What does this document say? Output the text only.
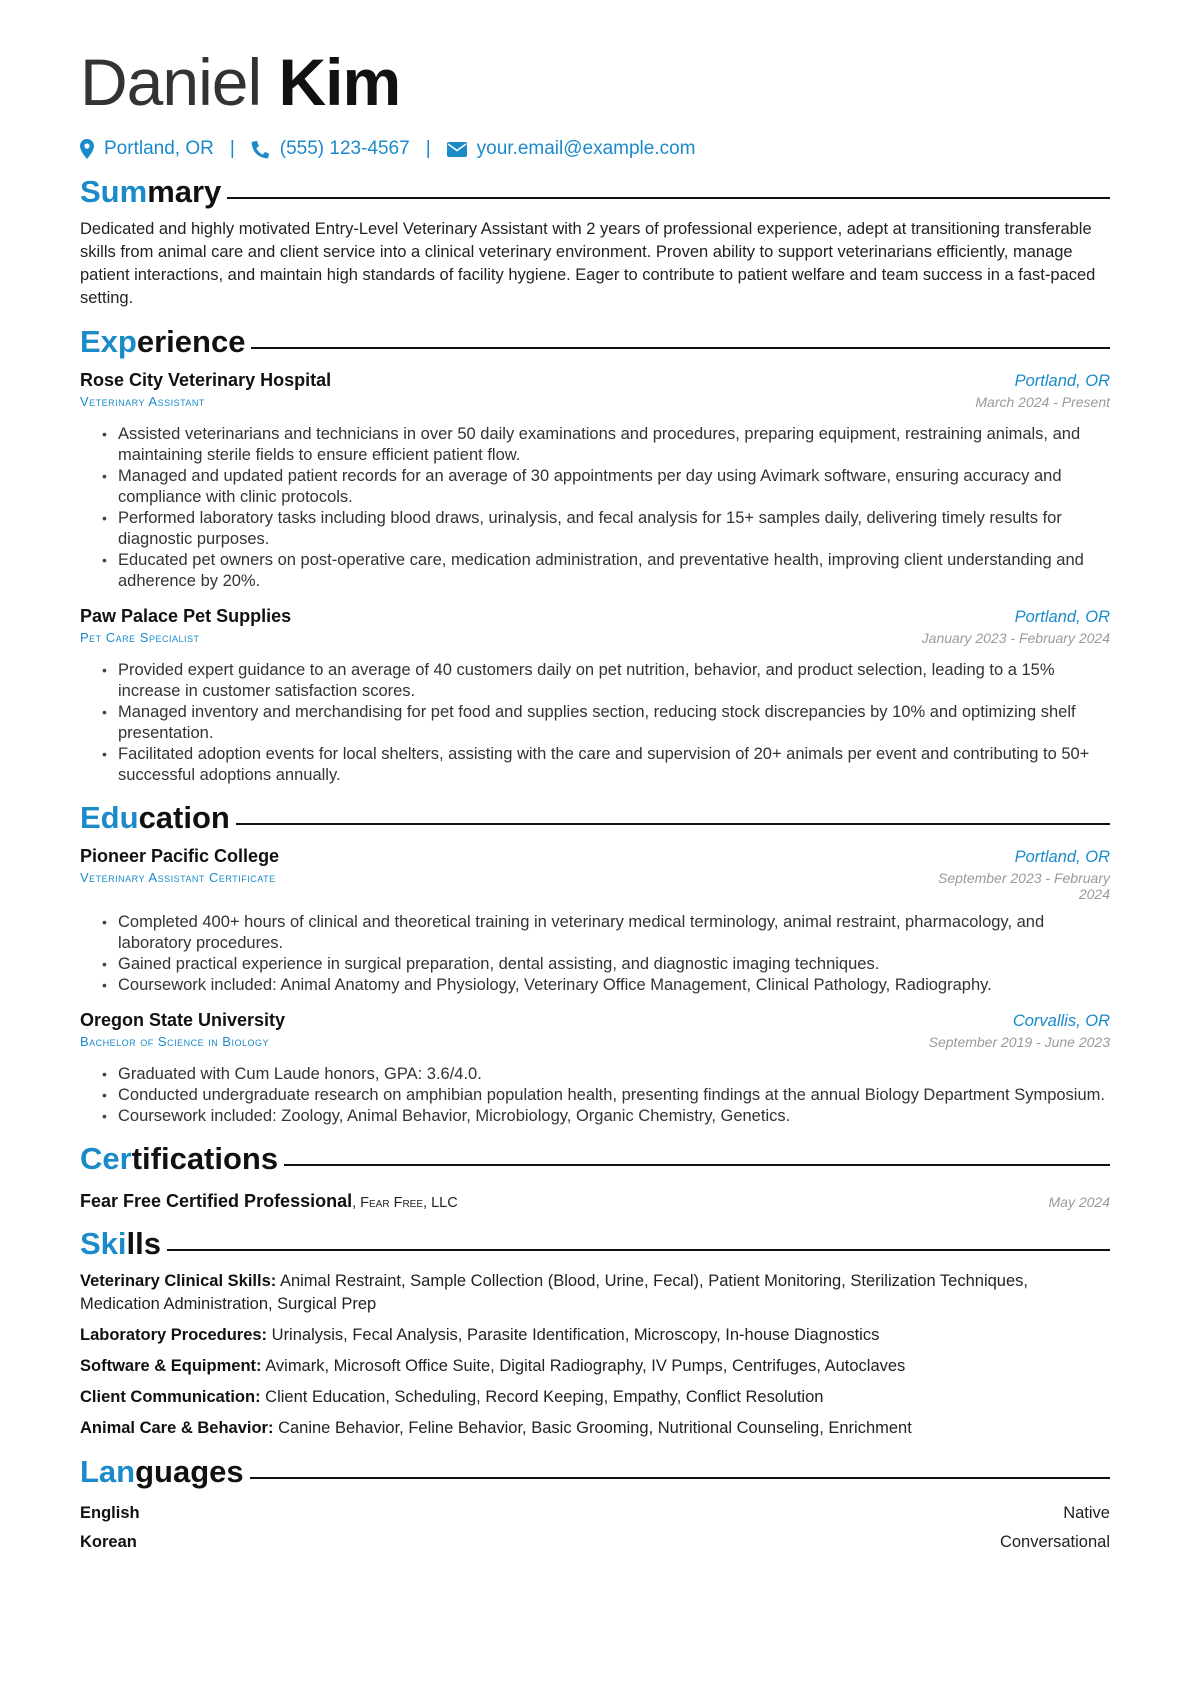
Daniel Kim
Portland, OR | (555) 123-4567 | your.email@example.com
Summary
Dedicated and highly motivated Entry-Level Veterinary Assistant with 2 years of professional experience, adept at transitioning transferable skills from animal care and client service into a clinical veterinary environment. Proven ability to support veterinarians efficiently, manage patient interactions, and maintain high standards of facility hygiene. Eager to contribute to patient welfare and team success in a fast-paced setting.
Experience
Rose City Veterinary Hospital	Portland, OR
Veterinary Assistant	March 2024 - Present
• Assisted veterinarians and technicians in over 50 daily examinations and procedures, preparing equipment, restraining animals, and maintaining sterile fields to ensure efficient patient flow.
• Managed and updated patient records for an average of 30 appointments per day using Avimark software, ensuring accuracy and compliance with clinic protocols.
• Performed laboratory tasks including blood draws, urinalysis, and fecal analysis for 15+ samples daily, delivering timely results for diagnostic purposes.
• Educated pet owners on post-operative care, medication administration, and preventative health, improving client understanding and adherence by 20%.
Paw Palace Pet Supplies	Portland, OR
Pet Care Specialist	January 2023 - February 2024
• Provided expert guidance to an average of 40 customers daily on pet nutrition, behavior, and product selection, leading to a 15% increase in customer satisfaction scores.
• Managed inventory and merchandising for pet food and supplies section, reducing stock discrepancies by 10% and optimizing shelf presentation.
• Facilitated adoption events for local shelters, assisting with the care and supervision of 20+ animals per event and contributing to 50+ successful adoptions annually.
Education
Pioneer Pacific College	Portland, OR
Veterinary Assistant Certificate	September 2023 - February
2024
• Completed 400+ hours of clinical and theoretical training in veterinary medical terminology, animal restraint, pharmacology, and laboratory procedures.
• Gained practical experience in surgical preparation, dental assisting, and diagnostic imaging techniques.
• Coursework included: Animal Anatomy and Physiology, Veterinary Office Management, Clinical Pathology, Radiography.
Oregon State University	Corvallis, OR
Bachelor of Science in Biology	September 2019 - June 2023
• Graduated with Cum Laude honors, GPA: 3.6/4.0.
• Conducted undergraduate research on amphibian population health, presenting findings at the annual Biology Department Symposium.
• Coursework included: Zoology, Animal Behavior, Microbiology, Organic Chemistry, Genetics.
Certifications
Fear Free Certified Professional, Fear Free, LLC	May 2024
Skills
Veterinary Clinical Skills: Animal Restraint, Sample Collection (Blood, Urine, Fecal), Patient Monitoring, Sterilization Techniques, Medication Administration, Surgical Prep
Laboratory Procedures: Urinalysis, Fecal Analysis, Parasite Identification, Microscopy, In-house Diagnostics
Software & Equipment: Avimark, Microsoft Office Suite, Digital Radiography, IV Pumps, Centrifuges, Autoclaves
Client Communication: Client Education, Scheduling, Record Keeping, Empathy, Conflict Resolution
Animal Care & Behavior: Canine Behavior, Feline Behavior, Basic Grooming, Nutritional Counseling, Enrichment
Languages
English	Native
Korean	Conversational
